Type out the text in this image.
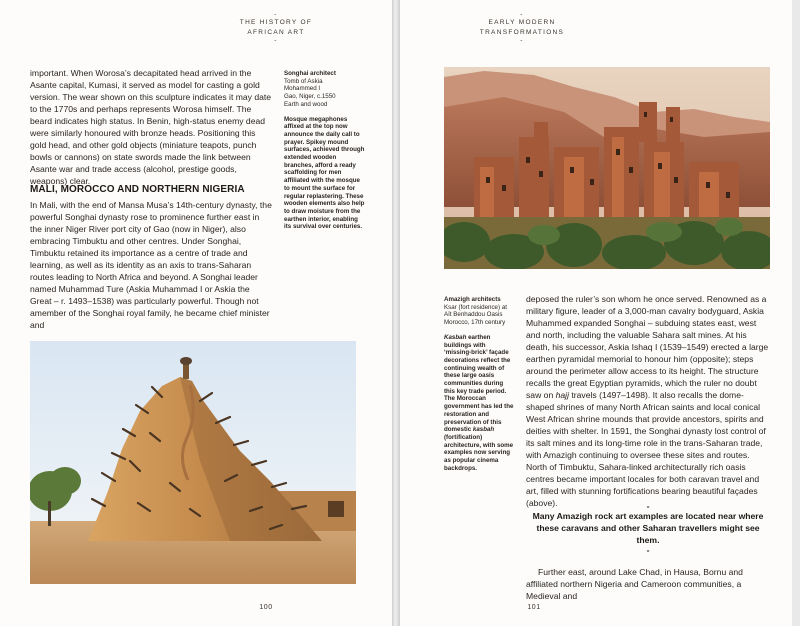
-
THE HISTORY OF
AFRICAN ART
-

important. When Worosa’s decapitated head arrived in the Asante capital, Kumasi, it served as model for casting a gold version. The wear shown on this sculpture indicates it may date to the 1770s and perhaps represents Worosa himself. The beard indicates high status. In Benin, high-status enemy dead were similarly honoured with bronze heads. Positioning this gold head, and other gold objects (miniature teapots, punch bowls or cannons) on state swords made the link between Asante war and trade access (alcohol, prestige goods, weapons) clear.

MALI, MOROCCO AND NORTHERN NIGERIA

In Mali, with the end of Mansa Musa’s 14th-century dynasty, the powerful Songhai dynasty rose to prominence further east in the inner Niger River port city of Gao (now in Niger), also embracing Timbuktu and other centres. Under Songhai, Timbuktu retained its importance as a centre of trade and learning, as well as its identity as an axis to trans-Saharan routes leading to North Africa and beyond. A Songhai leader named Muhammad Ture (Askia Muhammad I or Askia the Great – r. 1493–1538) was particularly powerful. Though not amember of the Songhai royal family, he became chief minister and

Songhai architect
Tomb of Askia
Mohammed I
Gao, Niger, c.1550
Earth and wood

Mosque megaphones affixed at the top now announce the daily call to prayer. Spikey mound surfaces, achieved through extended wooden branches, afford a ready scaffolding for men affiliated with the mosque to mount the surface for regular replastering. These wooden elements also help to draw moisture from the earthen interior, enabling its survival over centuries.

100
-
EARLY MODERN
TRANSFORMATIONS
-

Amazigh architects
Ksar (fort residence) at
Aït Benhaddou Oasis
Morocco, 17th century

Kasbah earthen buildings with ‘missing-brick’ façade decorations reflect the continuing wealth of these large oasis communities during this key trade period. The Moroccan government has led the restoration and preservation of this domestic kasbah (fortification) architecture, with some examples now serving as popular cinema backdrops.

deposed the ruler’s son whom he once served. Renowned as a military figure, leader of a 3,000-man cavalry bodyguard, Askia Muhammed expanded Songhai – subduing states east, west and north, including the valuable Sahara salt mines. At his death, his successor, Askia Ishaq I (1539–1549) erected a large earthen pyramidal memorial to honour him (opposite); steps around the perimeter allow access to its height. The structure recalls the great Egyptian pyramids, which the ruler no doubt saw on hajj travels (1497–1498). It also recalls the dome-shaped shrines of many North African saints and local conical West African shrine mounds that provide ancestors, spirits and deities with shelter. In 1591, the Songhai dynasty lost control of its salt mines and its long-time role in the trans-Saharan trade, with Amazigh continuing to oversee these sites and routes. North of Timbuktu, Sahara-linked architecturally rich oasis centres became important locales for both caravan travel and art, filled with stunning fortifications bearing beautiful façades (above).	-
Many Amazigh rock art examples are located near where these caravans and other Saharan travellers might see them.
-

Further east, around Lake Chad, in Hausa, Bornu and affiliated northern Nigeria and Cameroon communities, a Medieval and

101
